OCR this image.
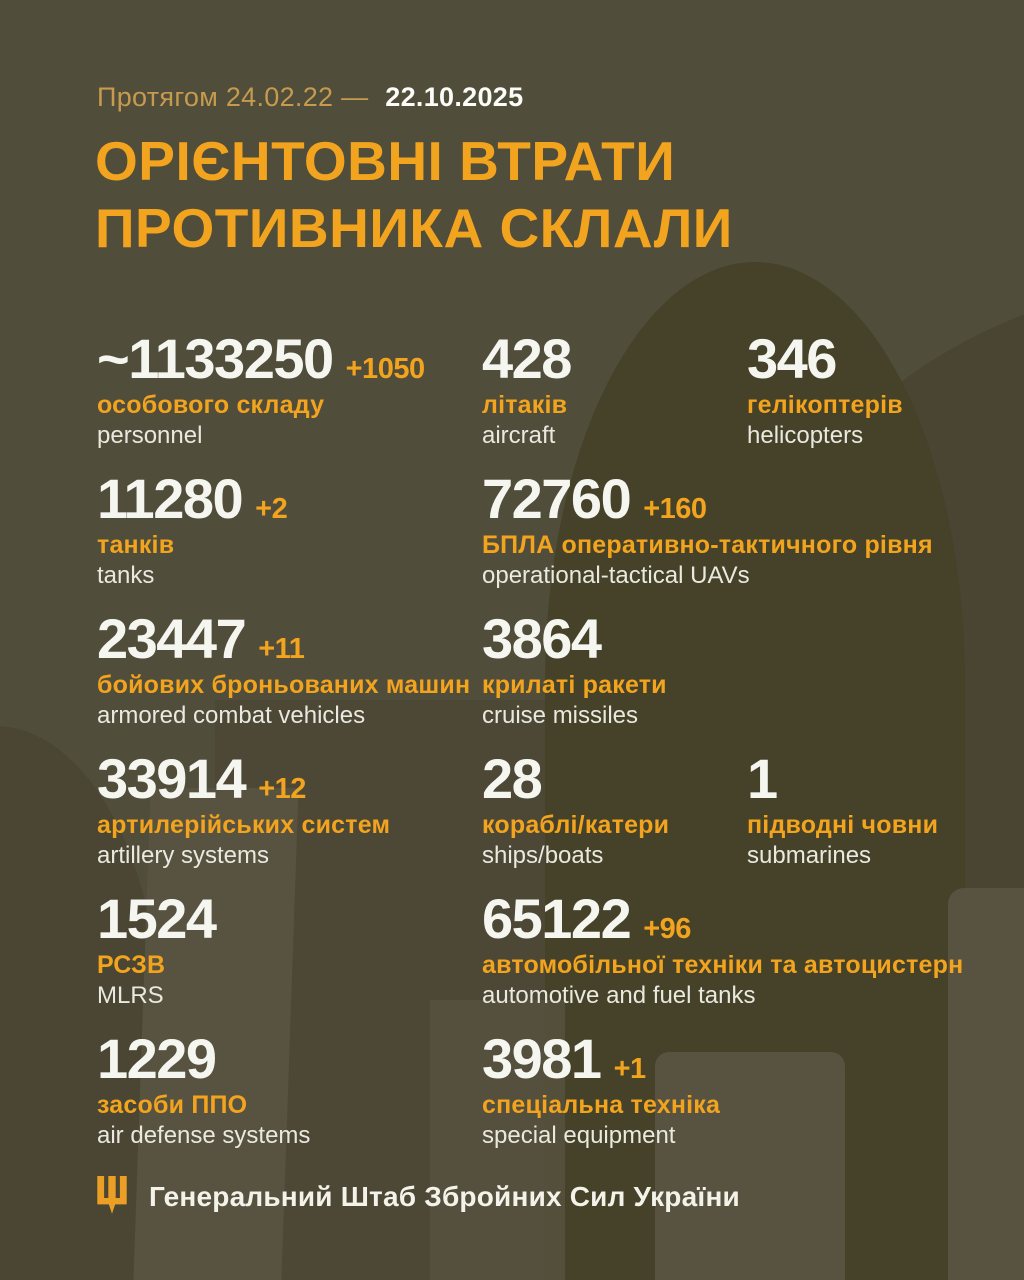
Протягом 24.02.22 — 22.10.2025
ОРІЄНТОВНІ ВТРАТИ
ПРОТИВНИКА СКЛАЛИ
~1133250 +1050
особового складу
personnel
428
літаків
aircraft
346
гелікоптерів
helicopters
11280 +2
танків
tanks
72760 +160
БПЛА оперативно-тактичного рівня
operational-tactical UAVs
23447 +11
бойових броньованих машин
armored combat vehicles
3864
крилаті ракети
cruise missiles
33914 +12
артилерійських систем
artillery systems
28
кораблі/катери
ships/boats
1
підводні човни
submarines
1524
РСЗВ
MLRS
65122 +96
автомобільної техніки та автоцистерн
automotive and fuel tanks
1229
засоби ППО
air defense systems
3981 +1
спеціальна техніка
special equipment
Генеральний Штаб Збройних Сил України
